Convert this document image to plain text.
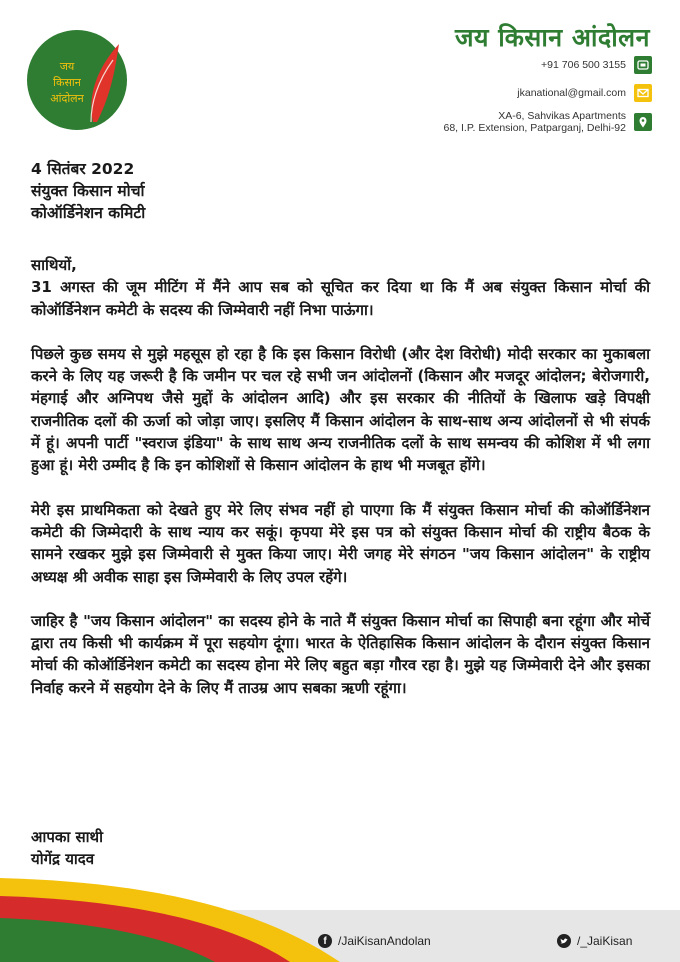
जय
किसान
आंदोलन
जय किसान आंदोलन
+91 706 500 3155
jkanational@gmail.com
XA-6, Sahvikas Apartments
68, I.P. Extension, Patparganj, Delhi-92
4 सितंबर 2022
संयुक्त किसान मोर्चा
कोऑर्डिनेशन कमिटी

साथियों,

31 अगस्त की जूम मीटिंग में मैंने आप सब को सूचित कर दिया था कि मैं अब संयुक्त किसान मोर्चा की कोऑर्डिनेशन कमेटी के सदस्य की जिम्मेवारी नहीं निभा पाऊंगा।

पिछले कुछ समय से मुझे महसूस हो रहा है कि इस किसान विरोधी (और देश विरोधी) मोदी सरकार का मुकाबला करने के लिए यह जरूरी है कि जमीन पर चल रहे सभी जन आंदोलनों (किसान और मजदूर आंदोलन; बेरोजगारी, मंहगाई और अग्निपथ जैसे मुद्दों के आंदोलन आदि) और इस सरकार की नीतियों के खिलाफ खड़े विपक्षी राजनीतिक दलों की ऊर्जा को जोड़ा जाए। इसलिए मैं किसान आंदोलन के साथ-साथ अन्य आंदोलनों से भी संपर्क में हूं। अपनी पार्टी "स्वराज इंडिया" के साथ साथ अन्य राजनीतिक दलों के साथ समन्वय की कोशिश में भी लगा हुआ हूं। मेरी उम्मीद है कि इन कोशिशों से किसान आंदोलन के हाथ भी मजबूत होंगे।

मेरी इस प्राथमिकता को देखते हुए मेरे लिए संभव नहीं हो पाएगा कि मैं संयुक्त किसान मोर्चा की कोऑर्डिनेशन कमेटी की जिम्मेदारी के साथ न्याय कर सकूं। कृपया मेरे इस पत्र को संयुक्त किसान मोर्चा की राष्ट्रीय बैठक के सामने रखकर मुझे इस जिम्मेवारी से मुक्त किया जाए। मेरी जगह मेरे संगठन "जय किसान आंदोलन" के राष्ट्रीय अध्यक्ष श्री अवीक साहा इस जिम्मेवारी के लिए उपल रहेंगे।

जाहिर है "जय किसान आंदोलन" का सदस्य होने के नाते मैं संयुक्त किसान मोर्चा का सिपाही बना रहूंगा और मोर्चे द्वारा तय किसी भी कार्यक्रम में पूरा सहयोग दूंगा। भारत के ऐतिहासिक किसान आंदोलन के दौरान संयुक्त किसान मोर्चा की कोऑर्डिनेशन कमेटी का सदस्य होना मेरे लिए बहुत बड़ा गौरव रहा है। मुझे यह जिम्मेवारी देने और इसका निर्वाह करने में सहयोग देने के लिए मैं ताउम्र आप सबका ऋणी रहूंगा।

आपका साथी
योगेंद्र यादव
f /JaiKisanAndolan	/_JaiKisan
